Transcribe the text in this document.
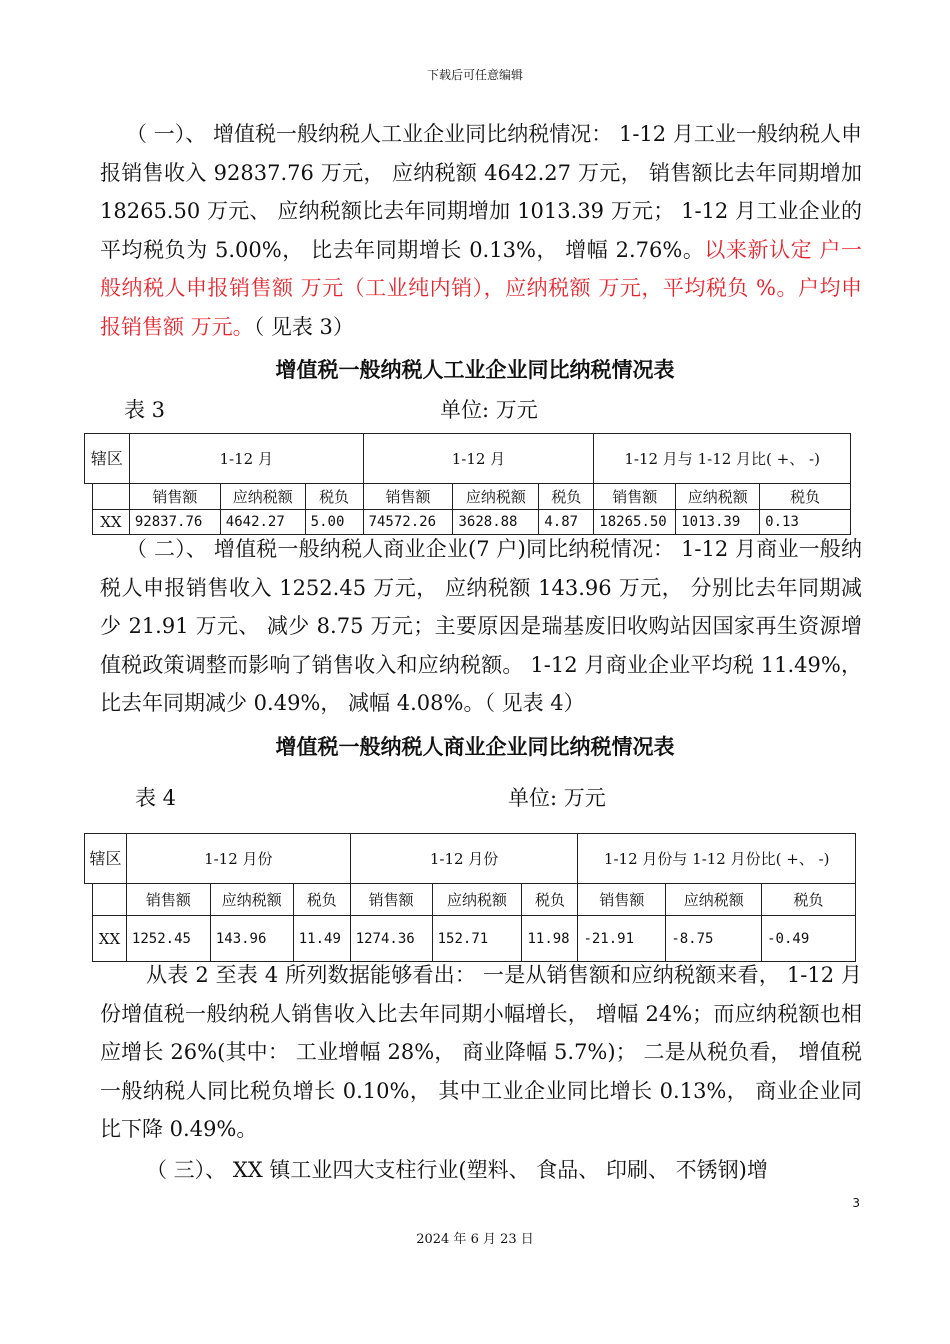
下载后可任意编辑

（ 一）、 增值税一般纳税人工业企业同比纳税情况： 1-12 月工业一般纳税人申报销售收入 92837.76 万元， 应纳税额 4642.27 万元， 销售额比去年同期增加 18265.50 万元、 应纳税额比去年同期增加 1013.39 万元； 1-12 月工业企业的平均税负为 5.00%， 比去年同期增长 0.13%， 增幅 2.76%。以来新认定 户一般纳税人申报销售额 万元（工业纯内销），应纳税额 万元，平均税负 %。户均申报销售额 万元。（ 见表 3）

增值税一般纳税人工业企业同比纳税情况表
表 3	单位: 万元
辖区		1-12 月			1-12 月			1-12 月与 1-12 月比( +、 -)		
		销售额	应纳税额	税负	销售额	应纳税额	税负	销售额	应纳税额	税负
	XX	92837.76	4642.27	5.00	74572.26	3628.88	4.87	18265.50	1013.39	0.13

（ 二）、 增值税一般纳税人商业企业(7 户)同比纳税情况： 1-12 月商业一般纳税人申报销售收入 1252.45 万元， 应纳税额 143.96 万元， 分别比去年同期减少 21.91 万元、 减少 8.75 万元；主要原因是瑞基废旧收购站因国家再生资源增值税政策调整而影响了销售收入和应纳税额。 1-12 月商业企业平均税 11.49%， 比去年同期减少 0.49%， 减幅 4.08%。（ 见表 4）

增值税一般纳税人商业企业同比纳税情况表
表 4	单位: 万元
辖区		1-12 月份			1-12 月份			1-12 月份与 1-12 月份比( +、 -)		
		销售额	应纳税额	税负	销售额	应纳税额	税负	销售额	应纳税额	税负
	XX	1252.45	143.96	11.49	1274.36	152.71	11.98	-21.91	-8.75	-0.49

从表 2 至表 4 所列数据能够看出： 一是从销售额和应纳税额来看， 1-12 月份增值税一般纳税人销售收入比去年同期小幅增长， 增幅 24%；而应纳税额也相应增长 26%(其中： 工业增幅 28%， 商业降幅 5.7%)； 二是从税负看， 增值税一般纳税人同比税负增长 0.10%， 其中工业企业同比增长 0.13%， 商业企业同比下降 0.49%。

（ 三）、 XX 镇工业四大支柱行业(塑料、 食品、 印刷、 不锈钢)增

3
2024 年 6 月 23 日
